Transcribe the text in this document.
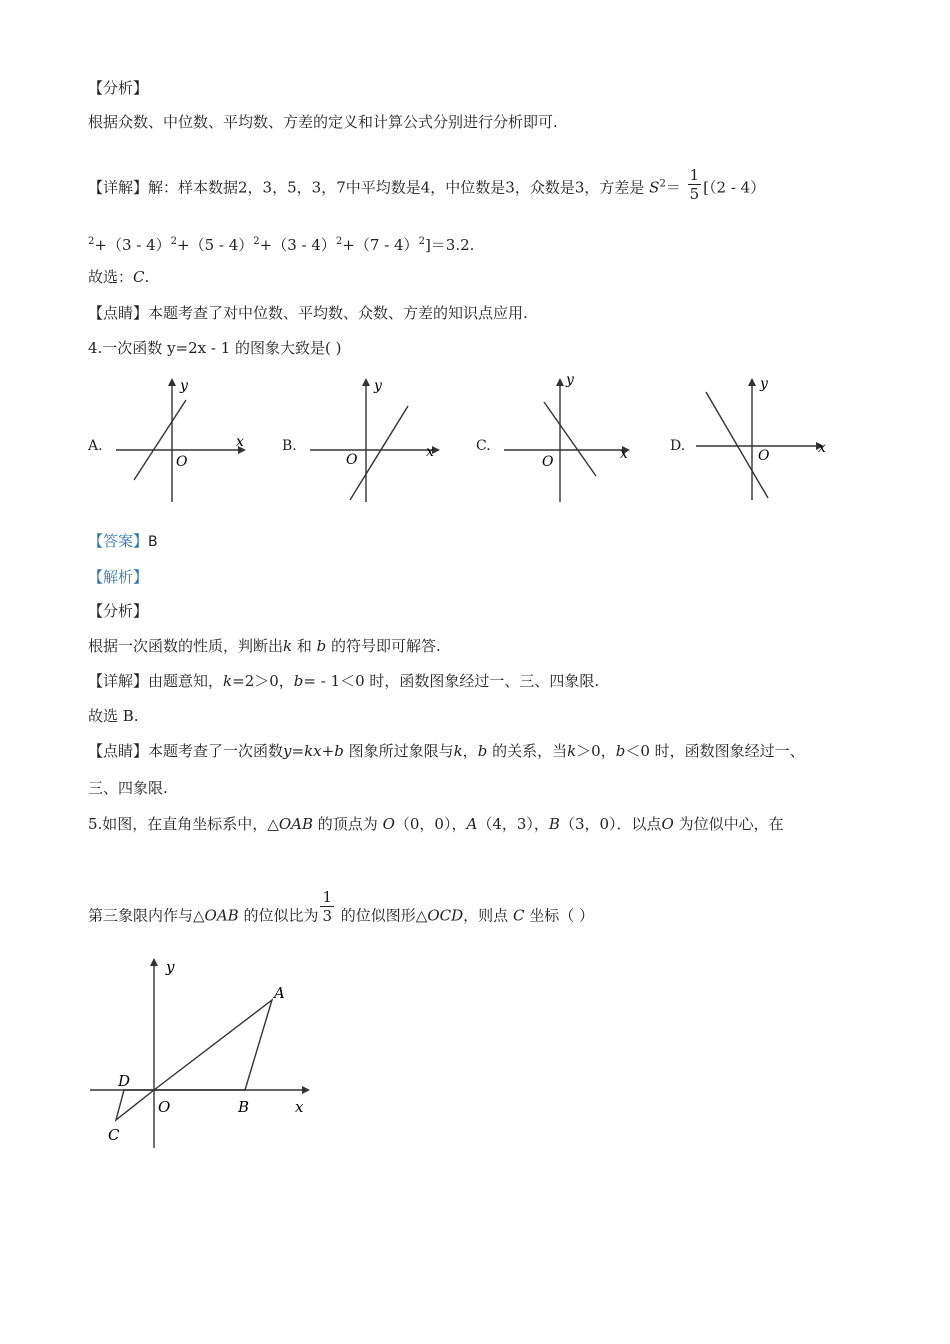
【分析】
根据众数、中位数、平均数、方差的定义和计算公式分别进行分析即可.
【详解】解：样本数据2，3，5，3，7中平均数是4，中位数是3，众数是3，方差是 $S^2= \frac{1}{5} [(2 - 4)$
$^2$+（3 - 4）$^2$+（5 - 4）$^2$+（3 - 4）$^2$+（7 - 4）$^2$]＝3.2.
故选：C.
【点睛】本题考查了对中位数、平均数、众数、方差的知识点应用.
4.一次函数 y=2x - 1 的图象大致是( )
A.
y
x
O
B.
y
x
O
C.
y
x
O
D.
y
x
O
【答案】B
【解析】
【分析】
根据一次函数的性质，判断出k 和 b 的符号即可解答.
【详解】由题意知，k=2＞0，b= - 1＜0 时，函数图象经过一、三、四象限.
故选 B.
【点睛】本题考查了一次函数y=kx+b 图象所过象限与k，b 的关系，当k＞0，b＜0 时，函数图象经过一、
三、四象限.
5.如图，在直角坐标系中，△OAB 的顶点为 O（0，0），A（4，3），B（3，0）．以点O 为位似中心，在
第三象限内作与△OAB 的位似比为 $\frac{1}{3}$ 的位似图形△OCD，则点 C 坐标（ ）
y
x
A
B
O
C
D
